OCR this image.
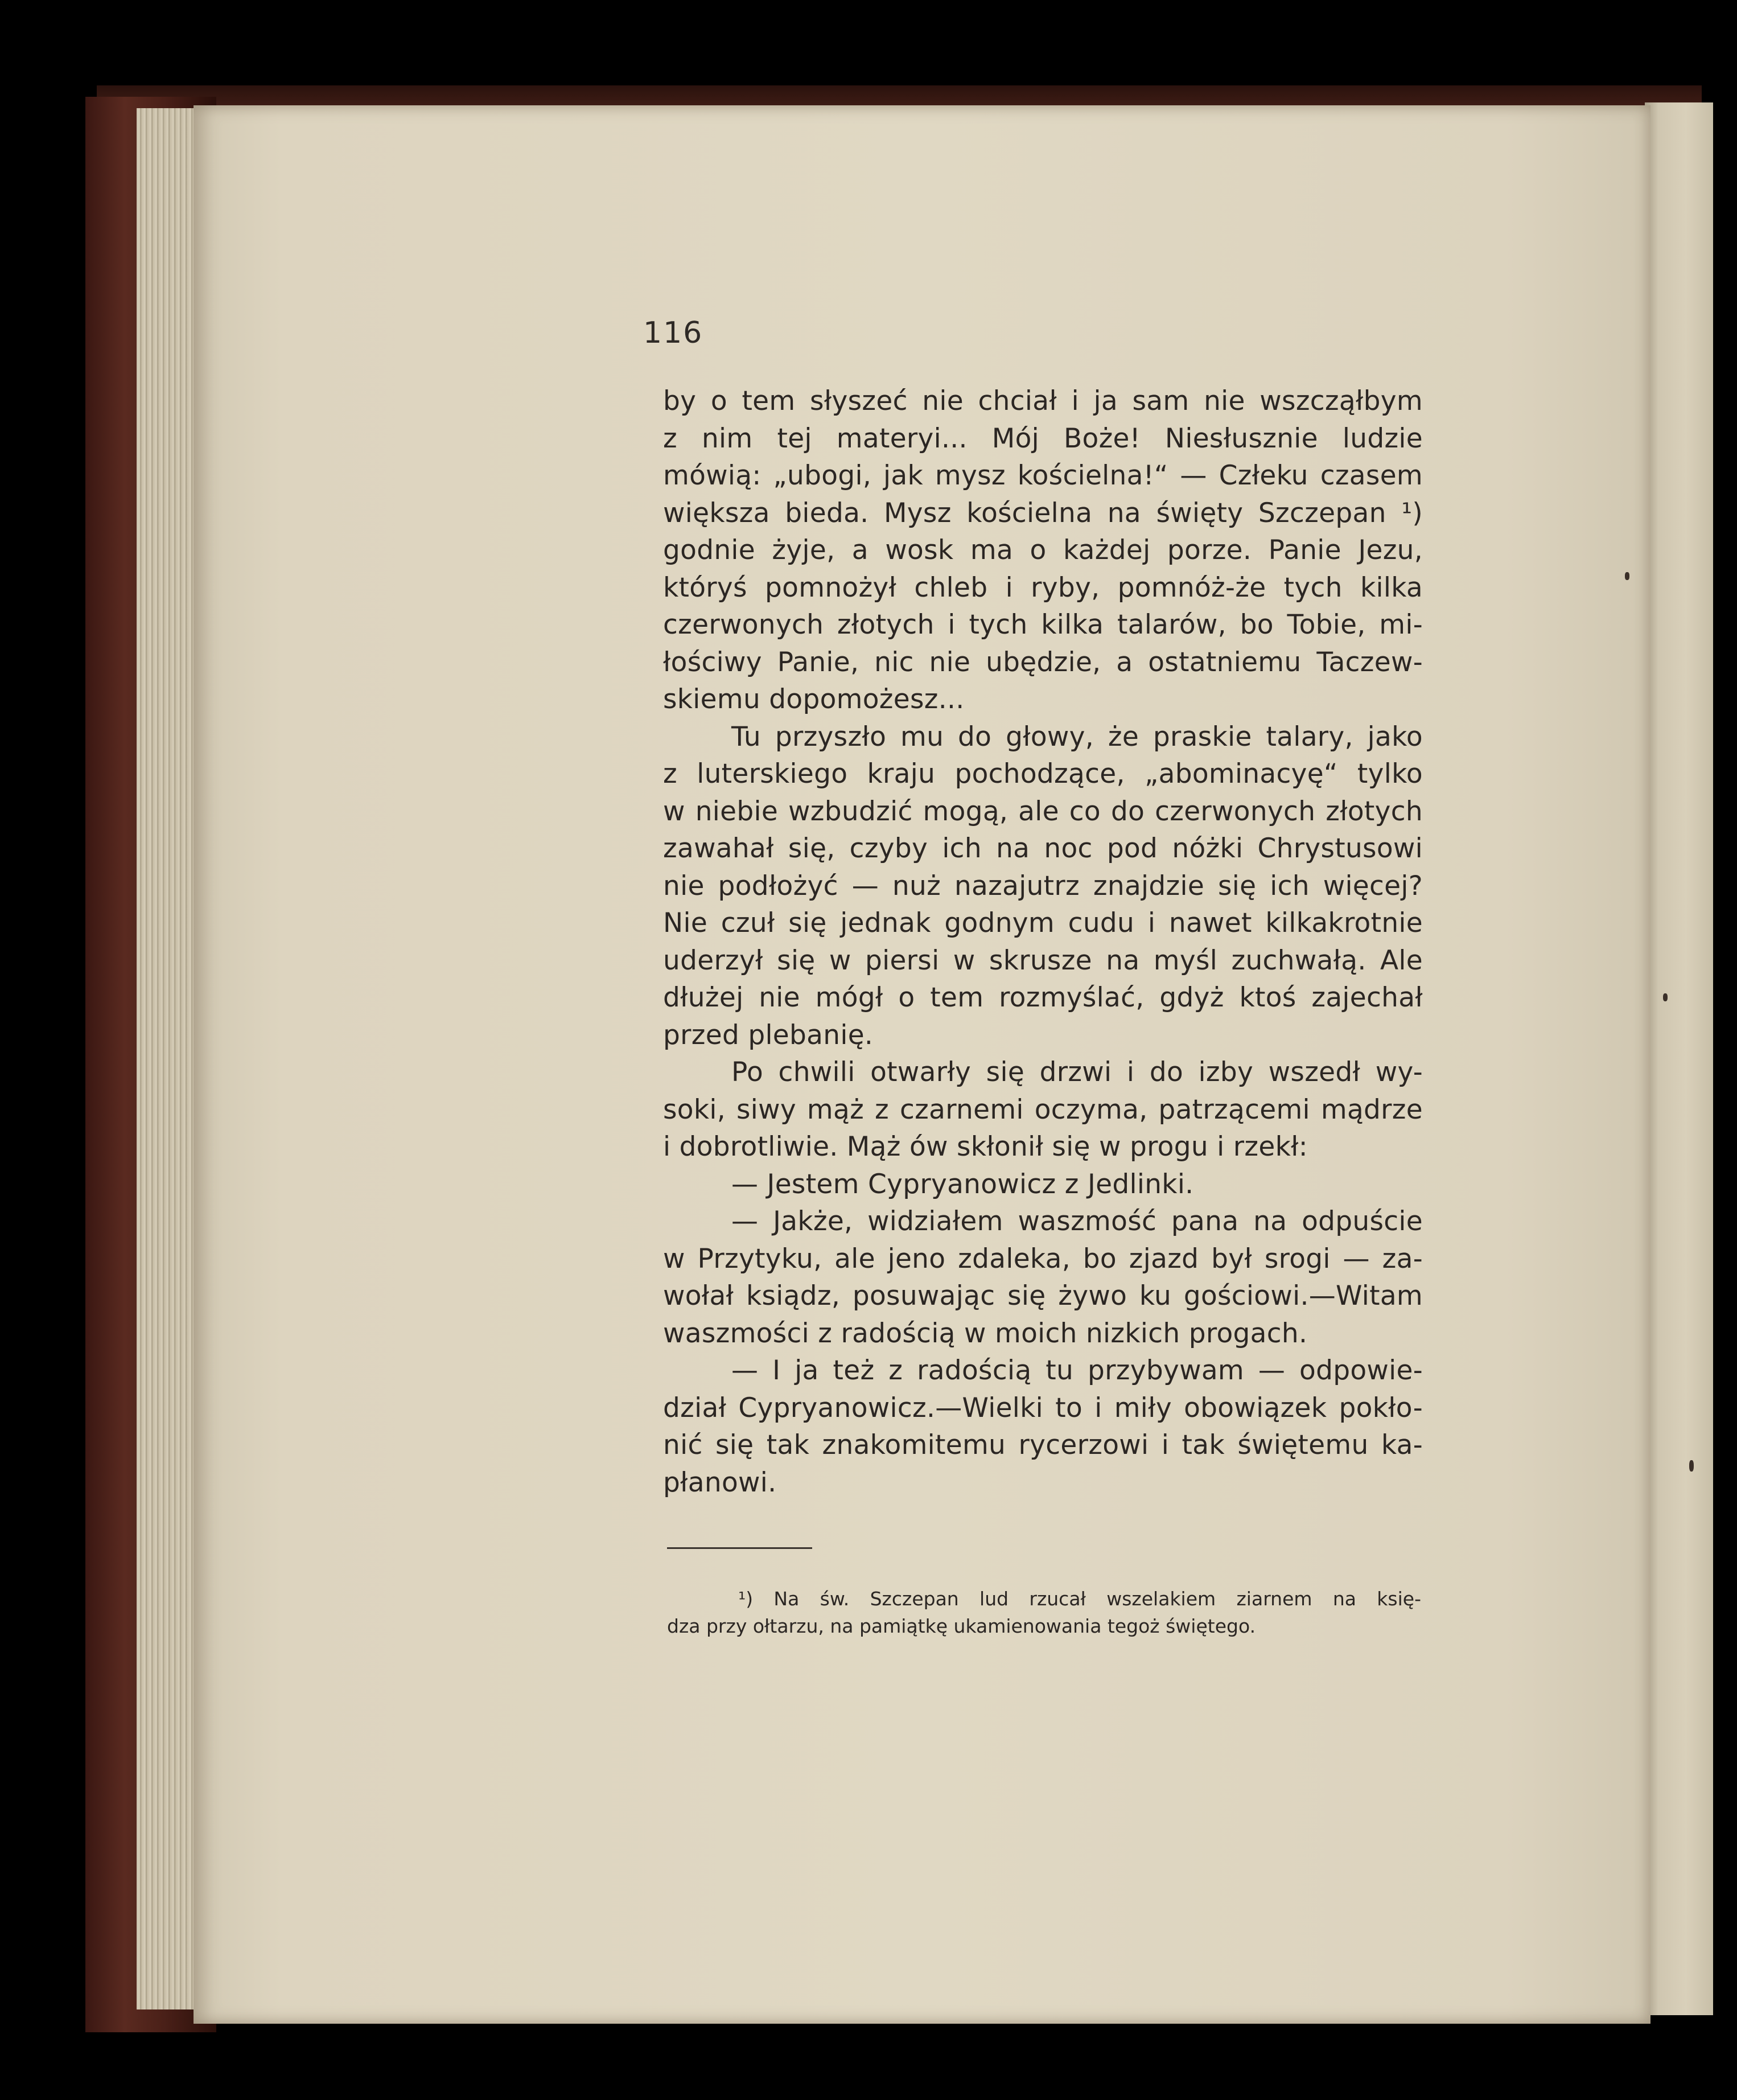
116
by o tem słyszeć nie chciał i ja sam nie wszcząłbym
z nim tej materyi... Mój Boże! Niesłusznie ludzie
mówią: „ubogi, jak mysz kościelna!“ — Człeku czasem
większa bieda. Mysz kościelna na święty Szczepan ¹)
godnie żyje, a wosk ma o każdej porze. Panie Jezu,
któryś pomnożył chleb i ryby, pomnóż-że tych kilka
czerwonych złotych i tych kilka talarów, bo Tobie, mi-
łościwy Panie, nic nie ubędzie, a ostatniemu Taczew-
skiemu dopomożesz...
Tu przyszło mu do głowy, że praskie talary, jako
z luterskiego kraju pochodzące, „abominacyę“ tylko
w niebie wzbudzić mogą, ale co do czerwonych złotych
zawahał się, czyby ich na noc pod nóżki Chrystusowi
nie podłożyć — nuż nazajutrz znajdzie się ich więcej?
Nie czuł się jednak godnym cudu i nawet kilkakrotnie
uderzył się w piersi w skrusze na myśl zuchwałą. Ale
dłużej nie mógł o tem rozmyślać, gdyż ktoś zajechał
przed plebanię.
Po chwili otwarły się drzwi i do izby wszedł wy-
soki, siwy mąż z czarnemi oczyma, patrzącemi mądrze
i dobrotliwie. Mąż ów skłonił się w progu i rzekł:
— Jestem Cypryanowicz z Jedlinki.
— Jakże, widziałem waszmość pana na odpuście
w Przytyku, ale jeno zdaleka, bo zjazd był srogi — za-
wołał ksiądz, posuwając się żywo ku gościowi.—Witam
waszmości z radością w moich nizkich progach.
— I ja też z radością tu przybywam — odpowie-
dział Cypryanowicz.—Wielki to i miły obowiązek pokło-
nić się tak znakomitemu rycerzowi i tak świętemu ka-
płanowi.
¹) Na św. Szczepan lud rzucał wszelakiem ziarnem na księ-
dza przy ołtarzu, na pamiątkę ukamienowania tegoż świętego.
